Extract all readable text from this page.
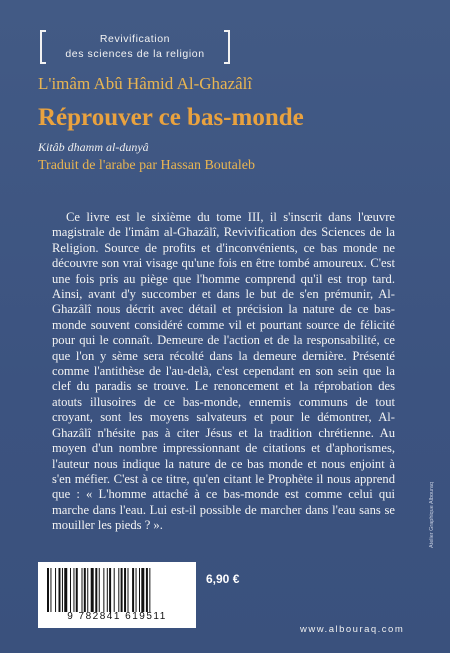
Revivification
des sciences de la religion
L'imâm Abû Hâmid Al-Ghazâlî
Réprouver ce bas-monde
Kitâb dhamm al-dunyâ
Traduit de l'arabe par Hassan Boutaleb

Ce livre est le sixième du tome III, il s'inscrit dans l'œuvre magistrale de l'imâm al-Ghazâlî, Revivification des Sciences de la Religion. Source de profits et d'inconvénients, ce bas monde ne découvre son vrai visage qu'une fois en être tombé amoureux. C'est une fois pris au piège que l'homme comprend qu'il est trop tard. Ainsi, avant d'y succomber et dans le but de s'en prémunir, Al-Ghazâlî nous décrit avec détail et précision la nature de ce bas-monde souvent considéré comme vil et pourtant source de félicité pour qui le connaît. Demeure de l'action et de la responsabilité, ce que l'on y sème sera récolté dans la demeure dernière. Présenté comme l'antithèse de l'au-delà, c'est cependant en son sein que la clef du paradis se trouve. Le renoncement et la réprobation des atouts illusoires de ce bas-monde, ennemis communs de tout croyant, sont les moyens salvateurs et pour le démontrer, Al-Ghazâlî n'hésite pas à citer Jésus et la tradition chrétienne. Au moyen d'un nombre impressionnant de citations et d'aphorismes, l'auteur nous indique la nature de ce bas monde et nous enjoint à s'en méfier. C'est à ce titre, qu'en citant le Prophète il nous apprend que : « L'homme attaché à ce bas-monde est comme celui qui marche dans l'eau. Lui est-il possible de marcher dans l'eau sans se mouiller les pieds ? ».

9 782841 619511
6,90 €
www.albouraq.com
Atelier Graphique Albouraq
